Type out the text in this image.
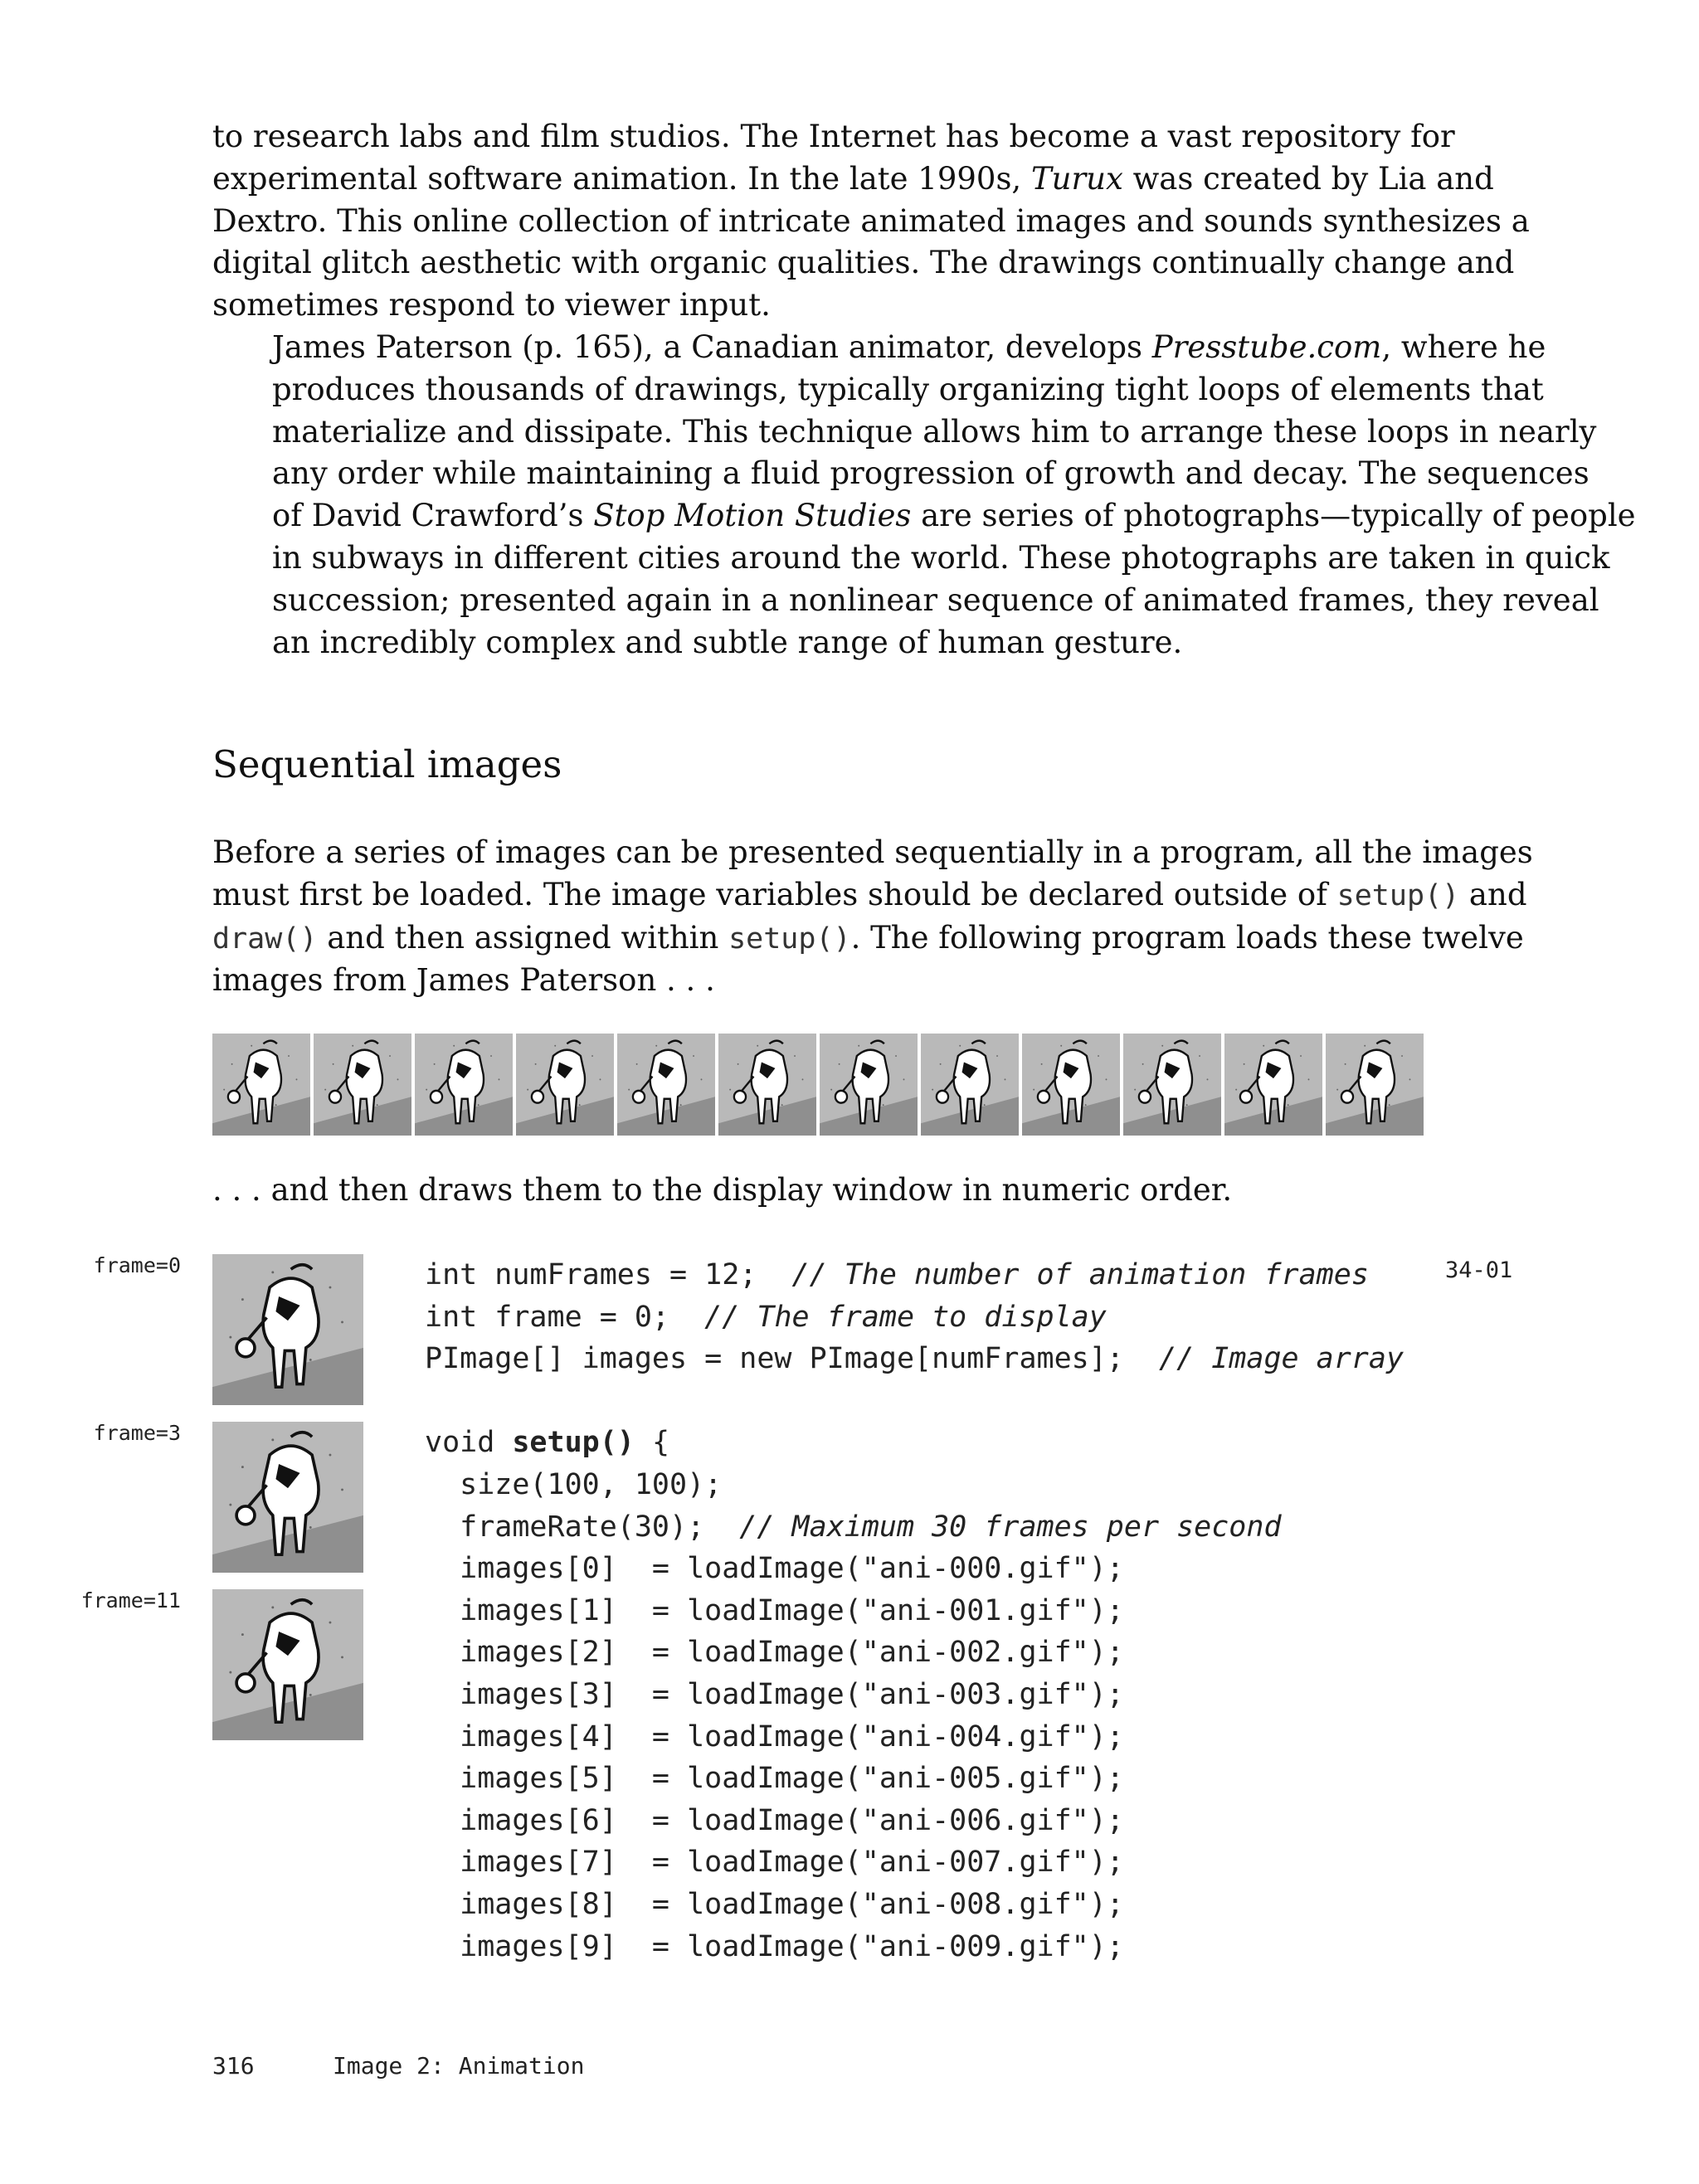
to research labs and film studios. The Internet has become a vast repository for
experimental software animation. In the late 1990s, Turux was created by Lia and
Dextro. This online collection of intricate animated images and sounds synthesizes a
digital glitch aesthetic with organic qualities. The drawings continually change and
sometimes respond to viewer input.

James Paterson (p. 165), a Canadian animator, develops Presstube.com, where he
produces thousands of drawings, typically organizing tight loops of elements that
materialize and dissipate. This technique allows him to arrange these loops in nearly
any order while maintaining a fluid progression of growth and decay. The sequences
of David Crawford’s Stop Motion Studies are series of photographs—typically of people
in subways in different cities around the world. These photographs are taken in quick
succession; presented again in a nonlinear sequence of animated frames, they reveal
an incredibly complex and subtle range of human gesture.

Sequential images
Before a series of images can be presented sequentially in a program, all the images
must first be loaded. The image variables should be declared outside of setup() and
draw() and then assigned within setup(). The following program loads these twelve
images from James Paterson . . .

. . . and then draws them to the display window in numeric order.

frame=0
frame=3
frame=11
int numFrames = 12;  // The number of animation frames
int frame = 0;  // The frame to display
PImage[] images = new PImage[numFrames];  // Image array
void setup() {
size(100, 100);
frameRate(30);  // Maximum 30 frames per second
images[0]  = loadImage("ani-000.gif");
images[1]  = loadImage("ani-001.gif");
images[2]  = loadImage("ani-002.gif");
images[3]  = loadImage("ani-003.gif");
images[4]  = loadImage("ani-004.gif");
images[5]  = loadImage("ani-005.gif");
images[6]  = loadImage("ani-006.gif");
images[7]  = loadImage("ani-007.gif");
images[8]  = loadImage("ani-008.gif");
images[9]  = loadImage("ani-009.gif");
34-01
316	Image 2: Animation
